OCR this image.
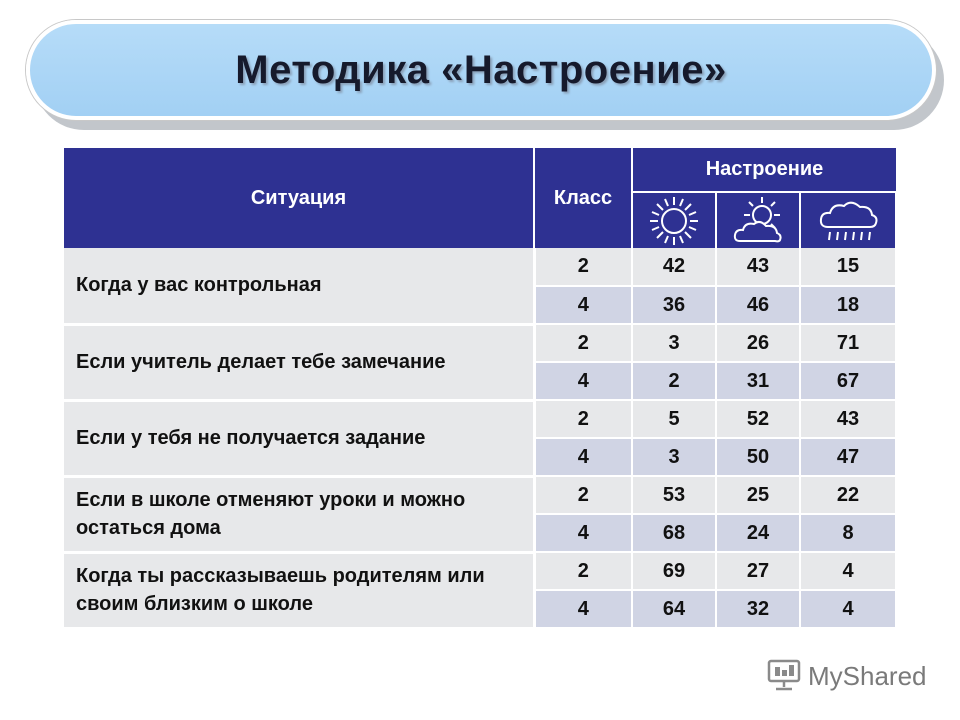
Методика «Настроение»
Ситуация	Класс	Настроение		

Когда у вас контрольная	2	42	43	15
	4	36	46	18
Если учитель делает тебе замечание	2	3	26	71
	4	2	31	67
Если у тебя не получается задание	2	5	52	43
	4	3	50	47
Если в школе отменяют уроки и можно остаться дома	2	53	25	22
	4	68	24	8
Когда ты рассказываешь родителям или своим близким о школе	2	69	27	4
	4	64	32	4
MyShared
